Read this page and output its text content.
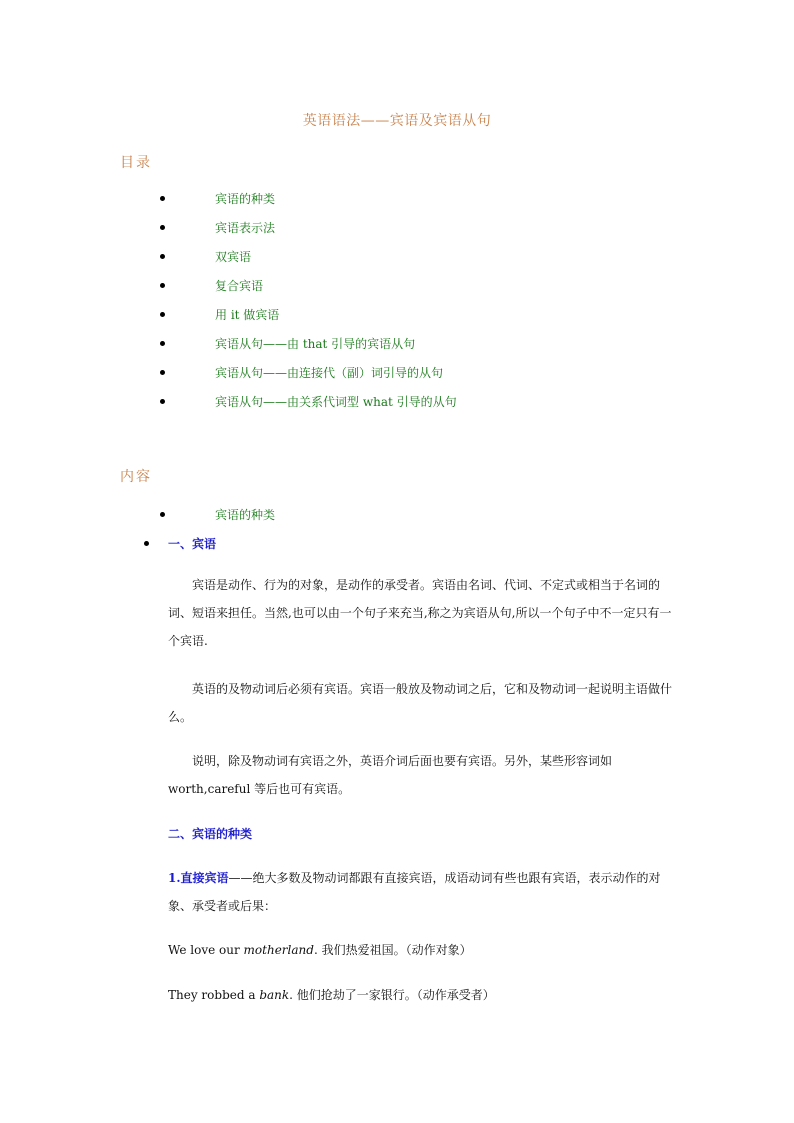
英语语法——宾语及宾语从句
目录
宾语的种类
宾语表示法
双宾语
复合宾语
用 it 做宾语
宾语从句——由 that 引导的宾语从句
宾语从句——由连接代（副）词引导的从句
宾语从句——由关系代词型 what 引导的从句
内容
宾语的种类
一、宾语
宾语是动作、行为的对象，是动作的承受者。宾语由名词、代词、不定式或相当于名词的词、短语来担任。当然,也可以由一个句子来充当,称之为宾语从句,所以一个句子中不一定只有一个宾语.
英语的及物动词后必须有宾语。宾语一般放及物动词之后，它和及物动词一起说明主语做什么。
说明，除及物动词有宾语之外，英语介词后面也要有宾语。另外，某些形容词如 worth,careful 等后也可有宾语。
二、宾语的种类
1.直接宾语——绝大多数及物动词都跟有直接宾语，成语动词有些也跟有宾语，表示动作的对象、承受者或后果：
We love our motherland. 我们热爱祖国。（动作对象）
They robbed a bank. 他们抢劫了一家银行。（动作承受者）
